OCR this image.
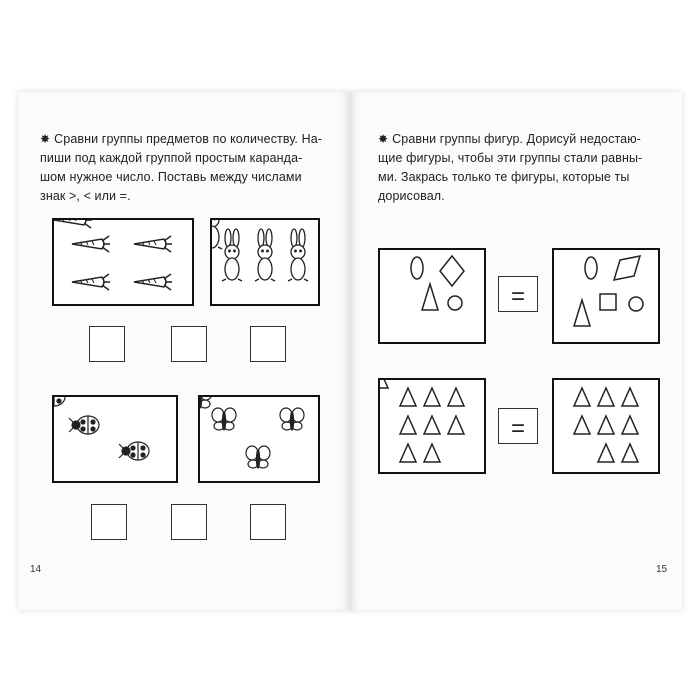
✸ Сравни группы предметов по количеству. На-
пиши под каждой группой простым каранда-
шом нужное число. Поставь между числами
знак >, < или =.
14
✸ Сравни группы фигур. Дорисуй недостаю-
щие фигуры, чтобы эти группы стали равны-
ми. Закрась только те фигуры, которые ты
дорисовал.
=
=
15
